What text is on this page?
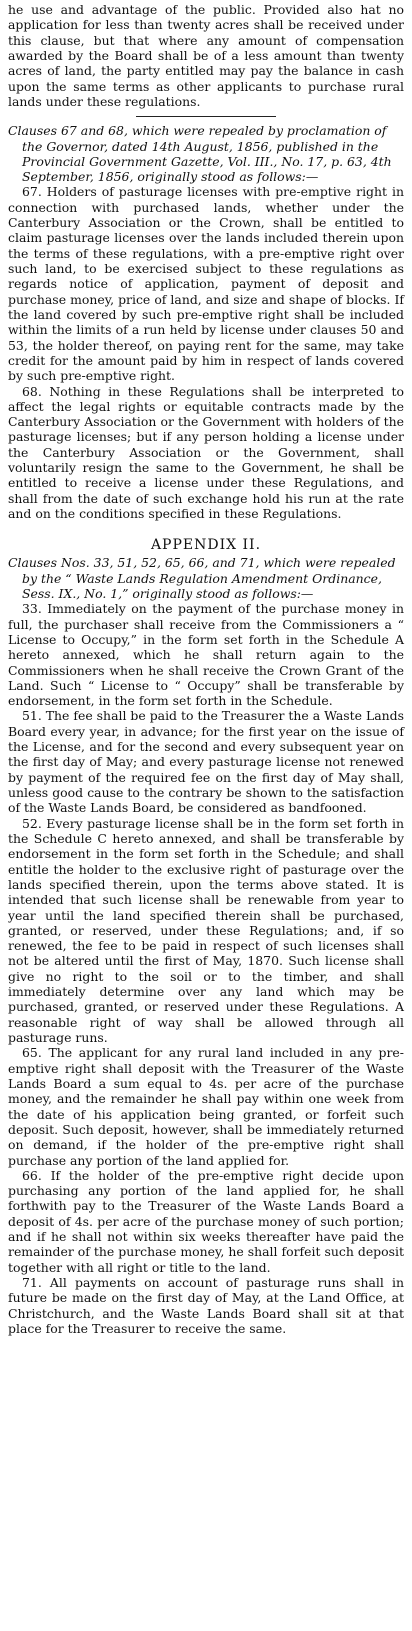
he use and advantage of the public. Provided also hat no application for less than twenty acres shall be received under this clause, but that where any amount of compensation awarded by the Board shall be of a less amount than twenty acres of land, the party entitled may pay the balance in cash upon the same terms as other applicants to purchase rural lands under these regulations.

Clauses 67 and 68, which were repealed by proclamation of the Governor, dated 14th August, 1856, published in the Provincial Government Gazette, Vol. III., No. 17, p. 63, 4th September, 1856, originally stood as follows:—

67. Holders of pasturage licenses with pre-emptive right in connection with purchased lands, whether under the Canterbury Association or the Crown, shall be entitled to claim pasturage licenses over the lands included therein upon the terms of these regulations, with a pre-emptive right over such land, to be exercised subject to these regulations as regards notice of application, payment of deposit and purchase money, price of land, and size and shape of blocks. If the land covered by such pre-emptive right shall be included within the limits of a run held by license under clauses 50 and 53, the holder thereof, on paying rent for the same, may take credit for the amount paid by him in respect of lands covered by such pre-emptive right.

68. Nothing in these Regulations shall be interpreted to affect the legal rights or equitable contracts made by the Canterbury Association or the Government with holders of the pasturage licenses; but if any person holding a license under the Canterbury Association or the Government, shall voluntarily resign the same to the Government, he shall be entitled to receive a license under these Regulations, and shall from the date of such exchange hold his run at the rate and on the conditions specified in these Regulations.

APPENDIX II.

Clauses Nos. 33, 51, 52, 65, 66, and 71, which were repealed by the “ Waste Lands Regulation Amendment Ordinance, Sess. IX., No. 1,” originally stood as follows:—

33. Immediately on the payment of the purchase money in full, the purchaser shall receive from the Commissioners a “ License to Occupy,” in the form set forth in the Schedule A hereto annexed, which he shall return again to the Commissioners when he shall receive the Crown Grant of the Land. Such “ License to “ Occupy” shall be transferable by endorsement, in the form set forth in the Schedule.

51. The fee shall be paid to the Treasurer the a Waste Lands Board every year, in advance; for the first year on the issue of the License, and for the second and every subsequent year on the first day of May; and every pasturage license not renewed by payment of the required fee on the first day of May shall, unless good cause to the contrary be shown to the satisfaction of the Waste Lands Board, be considered as bandfooned.

52. Every pasturage license shall be in the form set forth in the Schedule C hereto annexed, and shall be transferable by endorsement in the form set forth in the Schedule; and shall entitle the holder to the exclusive right of pasturage over the lands specified therein, upon the terms above stated. It is intended that such license shall be renewable from year to year until the land specified therein shall be purchased, granted, or reserved, under these Regulations; and, if so renewed, the fee to be paid in respect of such licenses shall not be altered until the first of May, 1870. Such license shall give no right to the soil or to the timber, and shall immediately determine over any land which may be purchased, granted, or reserved under these Regulations. A reasonable right of way shall be allowed through all pasturage runs.

65. The applicant for any rural land included in any pre-emptive right shall deposit with the Treasurer of the Waste Lands Board a sum equal to 4s. per acre of the purchase money, and the remainder he shall pay within one week from the date of his application being granted, or forfeit such deposit. Such deposit, however, shall be immediately returned on demand, if the holder of the pre-emptive right shall purchase any portion of the land applied for.

66. If the holder of the pre-emptive right decide upon purchasing any portion of the land applied for, he shall forthwith pay to the Treasurer of the Waste Lands Board a deposit of 4s. per acre of the purchase money of such portion; and if he shall not within six weeks thereafter have paid the remainder of the purchase money, he shall forfeit such deposit together with all right or title to the land.

71. All payments on account of pasturage runs shall in future be made on the first day of May, at the Land Office, at Christchurch, and the Waste Lands Board shall sit at that place for the Treasurer to receive the same.
